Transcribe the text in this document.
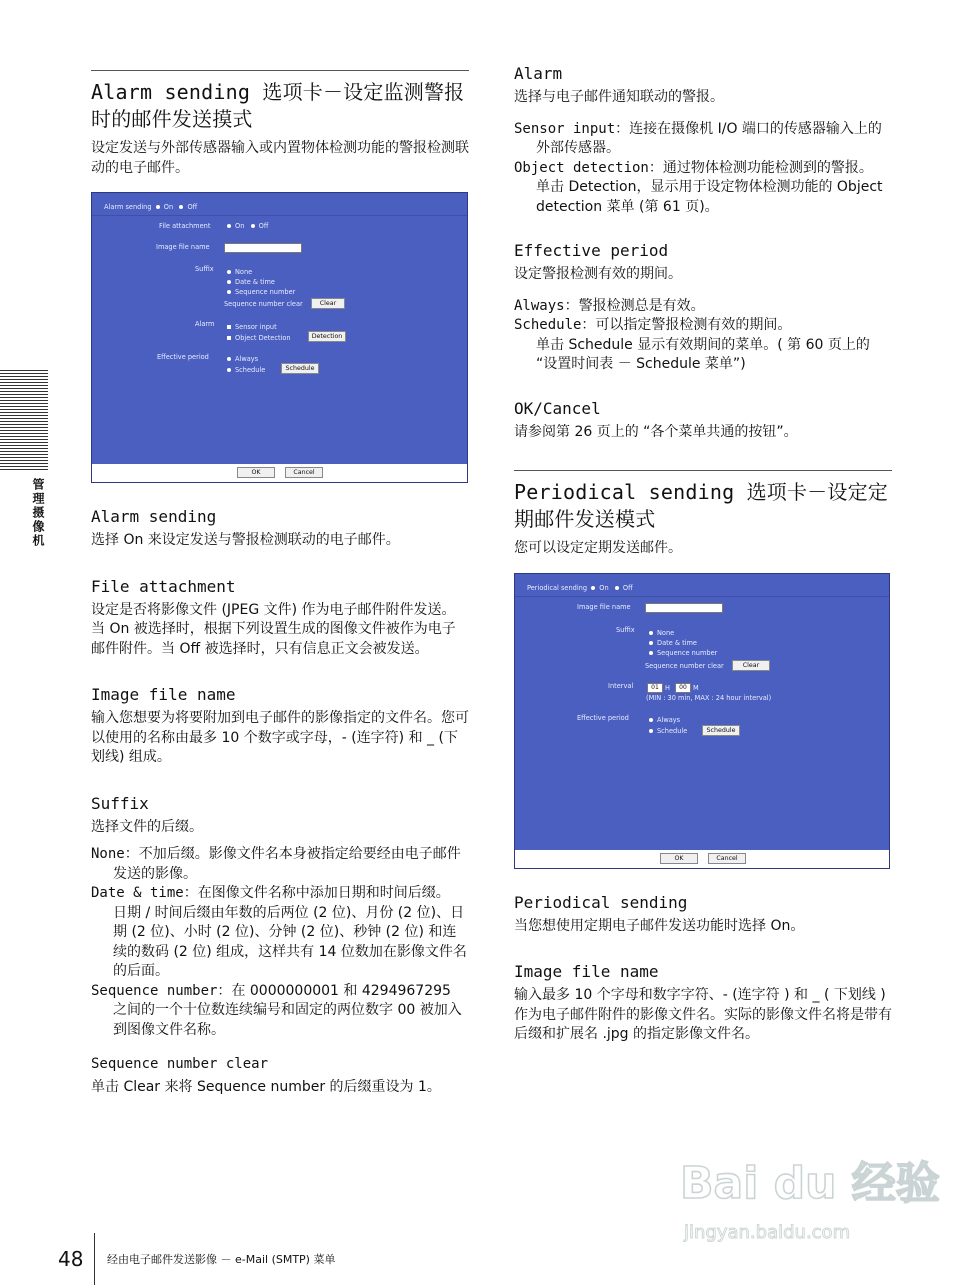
管理摄像机
Alarm sending 选项卡－设定监测警报时的邮件发送摸式

设定发送与外部传感器输入或内置物体检测功能的警报检测联动的电子邮件。

Alarm sending On Off
File attachment	On Off
Image file name
Suffix	None
Date & time
Sequence number
Sequence number clear	Clear
Alarm	Sensor input
Object Detection	Detection
Effective period	Always
Schedule	Schedule
OK	Cancel
Alarm sending

选择 On 来设定发送与警报检测联动的电子邮件。

File attachment

设定是否将影像文件 (JPEG 文件) 作为电子邮件附件发送。

当 On 被选择时，根据下列设置生成的图像文件被作为电子邮件附件。当 Off 被选择时，只有信息正文会被发送。

Image file name

输入您想要为将要附加到电子邮件的影像指定的文件名。您可以使用的名称由最多 10 个数字或字母，- (连字符) 和 _ (下划线) 组成。

Suffix

选择文件的后缀。

None：不加后缀。影像文件名本身被指定给要经由电子邮件发送的影像。

Date & time：在图像文件名称中添加日期和时间后缀。

日期 / 时间后缀由年数的后两位 (2 位)、月份 (2 位)、日期 (2 位)、小时 (2 位)、分钟 (2 位)、秒钟 (2 位) 和连续的数码 (2 位) 组成，这样共有 14 位数加在影像文件名的后面。

Sequence number：在 0000000001 和 4294967295 之间的一个十位数连续编号和固定的两位数字 00 被加入到图像文件名称。

Sequence number clear

单击 Clear 来将 Sequence number 的后缀重设为 1。

Alarm

选择与电子邮件通知联动的警报。

Sensor input：连接在摄像机 I/O 端口的传感器输入上的外部传感器。

Object detection：通过物体检测功能检测到的警报。

单击 Detection，显示用于设定物体检测功能的 Object detection 菜单 (第 61 页)。

Effective period

设定警报检测有效的期间。

Always：警报检测总是有效。

Schedule：可以指定警报检测有效的期间。

单击 Schedule 显示有效期间的菜单。( 第 60 页上的 “设置时间表 － Schedule 菜单”)

OK/Cancel

请参阅第 26 页上的 “各个菜单共通的按钮”。

Periodical sending 选项卡－设定定期邮件发送模式

您可以设定定期发送邮件。

Periodical sending On Off
Image file name
Suffix	None
Date & time
Sequence number
Sequence number clear	Clear
Interval	01 H	00 M
(MIN : 30 min, MAX : 24 hour interval)
Effective period	Always
Schedule	Schedule
OK	Cancel
Periodical sending

当您想使用定期电子邮件发送功能时选择 On。

Image file name

输入最多 10 个字母和数字字符、- (连字符 ) 和 _ ( 下划线 ) 作为电子邮件附件的影像文件名。实际的影像文件名将是带有后缀和扩展名 .jpg 的指定影像文件名。

48	经由电子邮件发送影像 － e-Mail (SMTP) 菜单
Bai du 经验
jingyan.baidu.com
